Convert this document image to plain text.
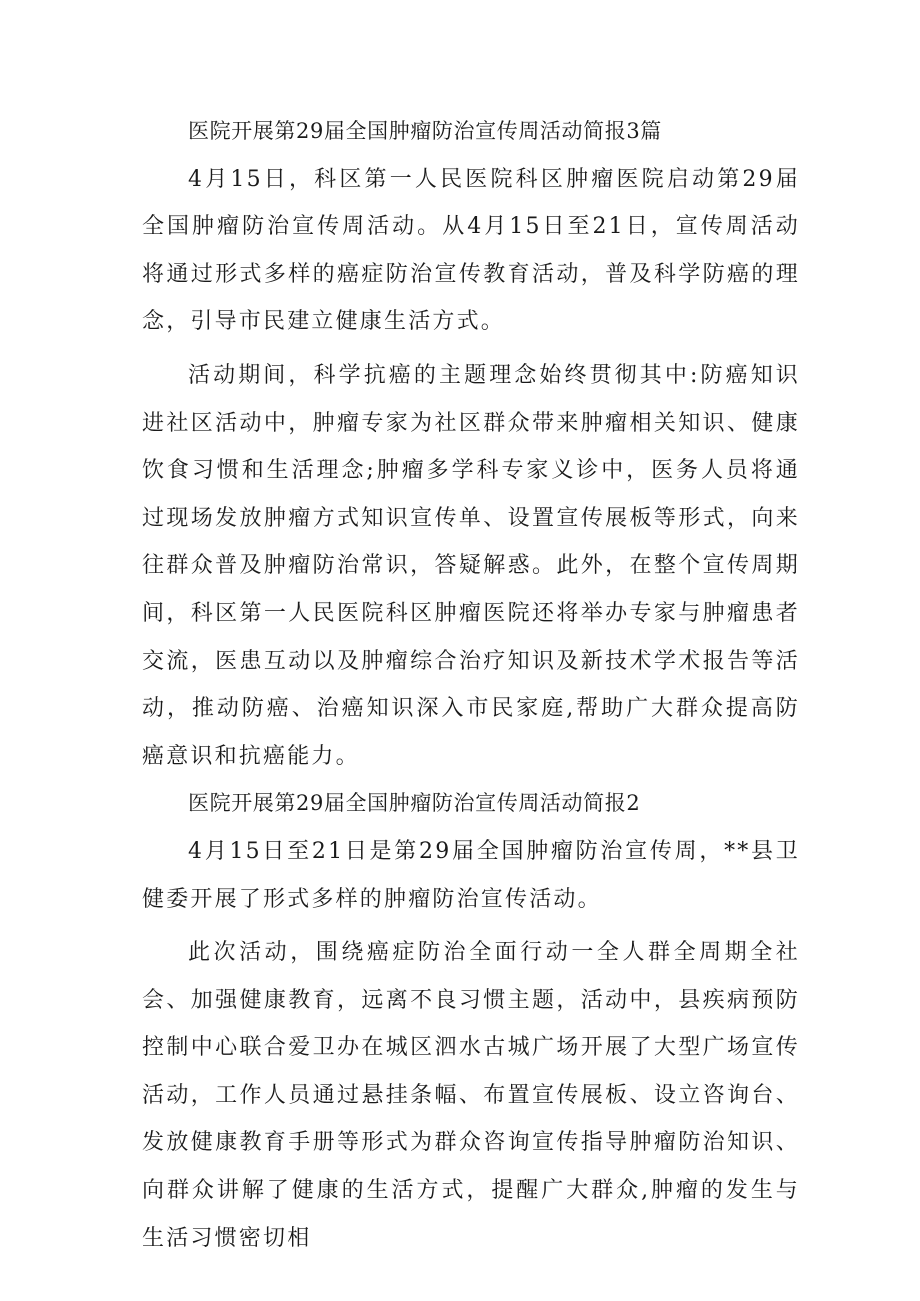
医院开展第29届全国肿瘤防治宣传周活动简报3篇

4月15日，科区第一人民医院科区肿瘤医院启动第29届全国肿瘤防治宣传周活动。从4月15日至21日，宣传周活动将通过形式多样的癌症防治宣传教育活动，普及科学防癌的理念，引导市民建立健康生活方式。

活动期间，科学抗癌的主题理念始终贯彻其中:防癌知识进社区活动中，肿瘤专家为社区群众带来肿瘤相关知识、健康饮食习惯和生活理念;肿瘤多学科专家义诊中，医务人员将通过现场发放肿瘤方式知识宣传单、设置宣传展板等形式，向来往群众普及肿瘤防治常识，答疑解惑。此外，在整个宣传周期间，科区第一人民医院科区肿瘤医院还将举办专家与肿瘤患者交流，医患互动以及肿瘤综合治疗知识及新技术学术报告等活动，推动防癌、治癌知识深入市民家庭,帮助广大群众提高防癌意识和抗癌能力。

医院开展第29届全国肿瘤防治宣传周活动简报2

4月15日至21日是第29届全国肿瘤防治宣传周，**县卫健委开展了形式多样的肿瘤防治宣传活动。

此次活动，围绕癌症防治全面行动一全人群全周期全社会、加强健康教育，远离不良习惯主题，活动中，县疾病预防控制中心联合爱卫办在城区泗水古城广场开展了大型广场宣传活动，工作人员通过悬挂条幅、布置宣传展板、设立咨询台、发放健康教育手册等形式为群众咨询宣传指导肿瘤防治知识、向群众讲解了健康的生活方式，提醒广大群众,肿瘤的发生与生活习惯密切相
